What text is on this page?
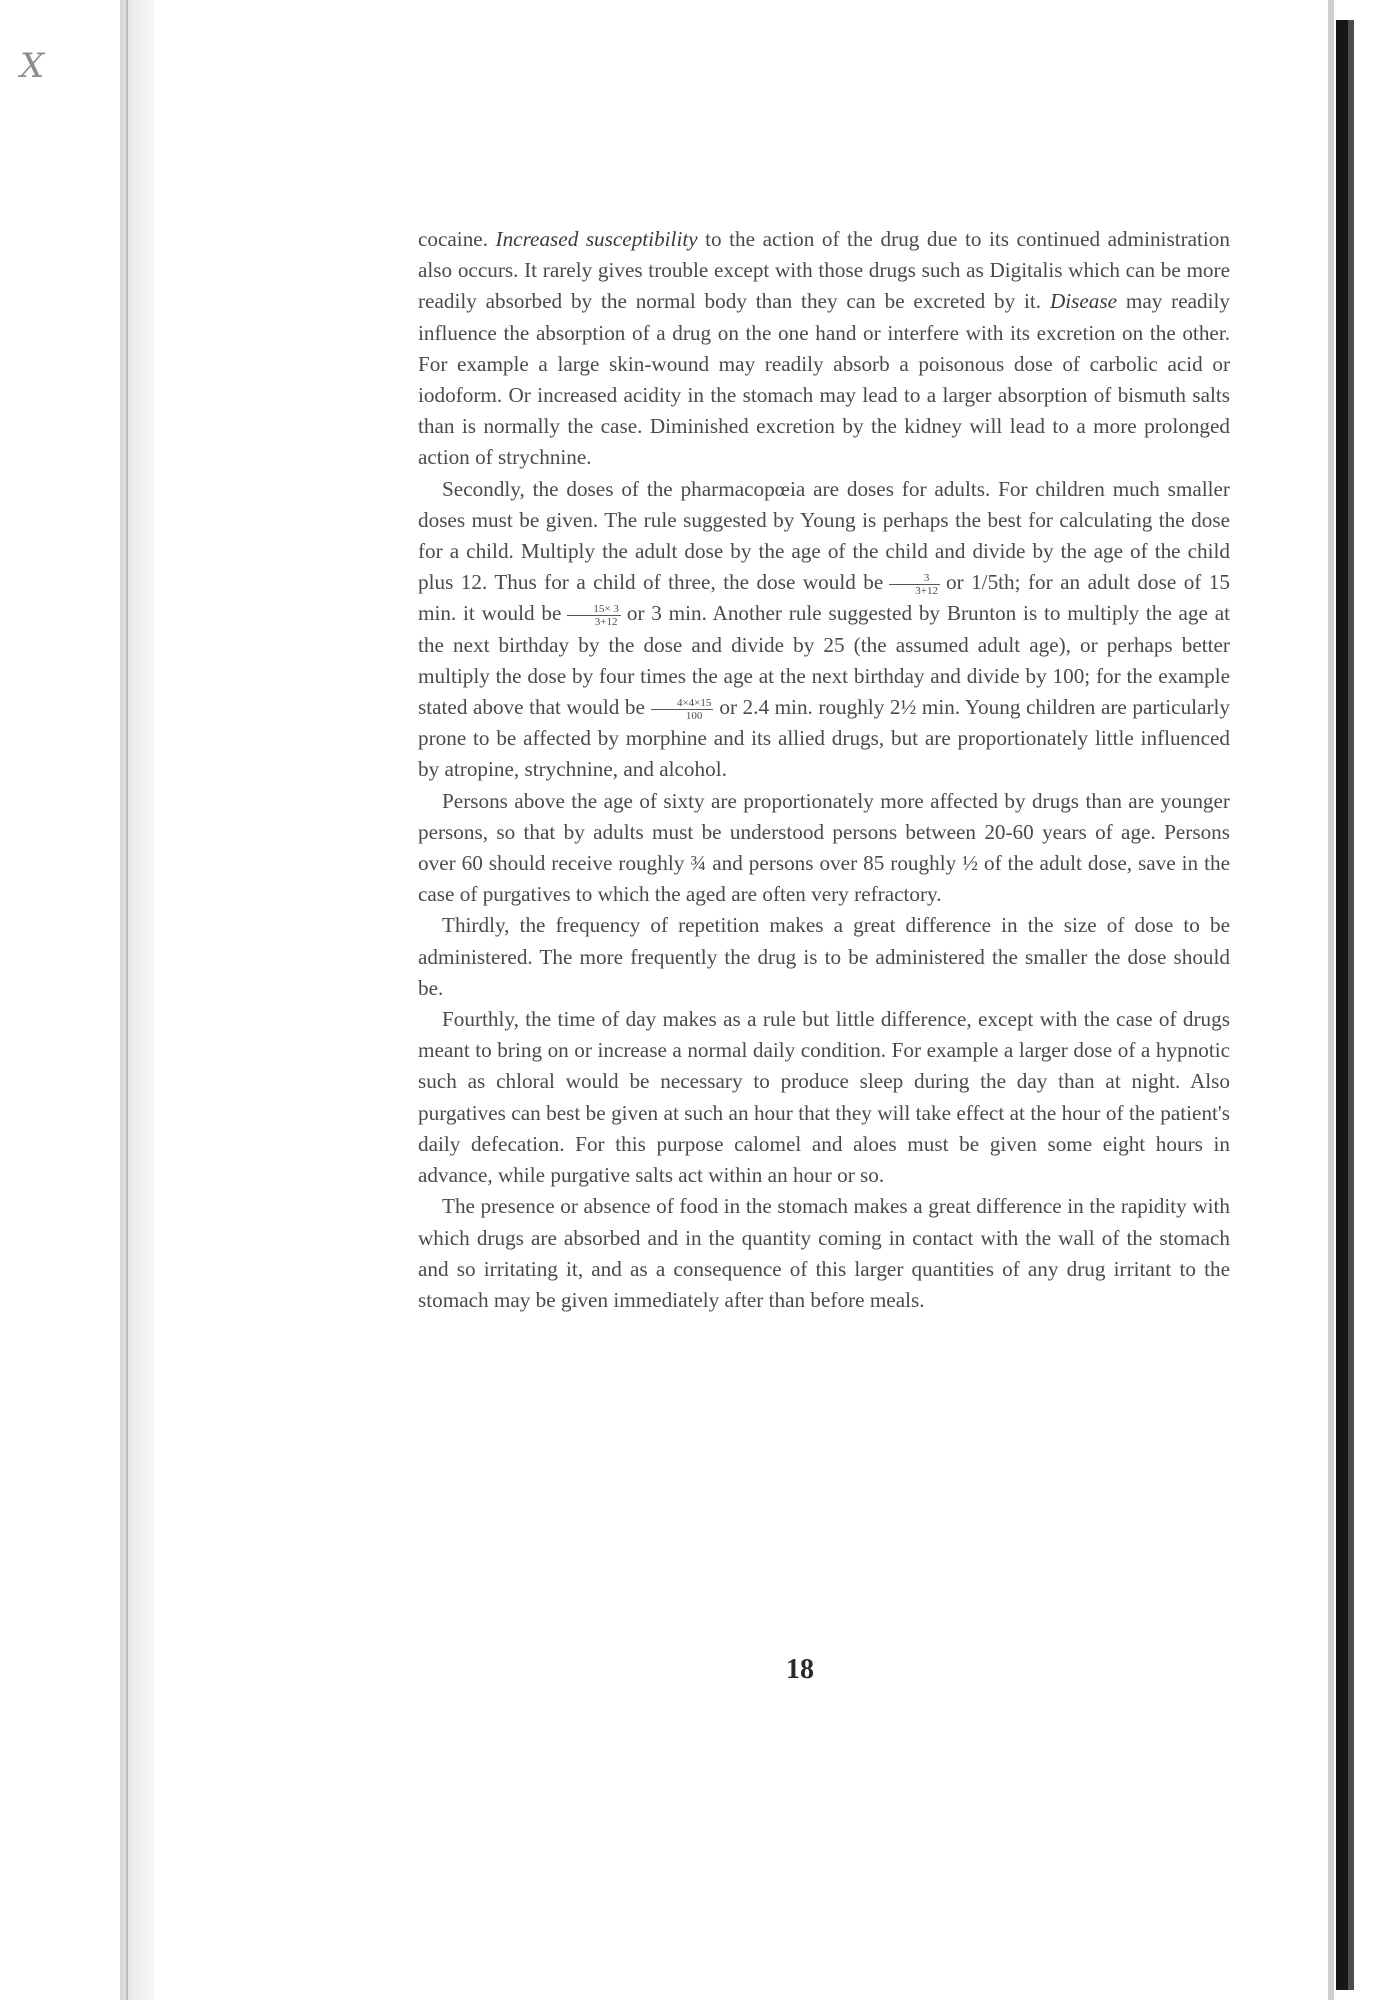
X

cocaine. Increased susceptibility to the action of the drug due to its continued administration also occurs. It rarely gives trouble except with those drugs such as Digitalis which can be more readily absorbed by the normal body than they can be excreted by it. Disease may readily influence the absorption of a drug on the one hand or interfere with its excretion on the other. For example a large skin-wound may readily absorb a poisonous dose of carbolic acid or iodoform. Or increased acidity in the stomach may lead to a larger absorption of bismuth salts than is normally the case. Diminished excretion by the kidney will lead to a more prolonged action of strychnine.

Secondly, the doses of the pharmacopœia are doses for adults. For children much smaller doses must be given. The rule suggested by Young is perhaps the best for calculating the dose for a child. Multiply the adult dose by the age of the child and divide by the age of the child plus 12. Thus for a child of three, the dose would be $\frac{3}{3+12}$ or 1/5th; for an adult dose of 15 min. it would be $\frac{15\times 3}{3+12}$ or 3 min. Another rule suggested by Brunton is to multiply the age at the next birthday by the dose and divide by 25 (the assumed adult age), or perhaps better multiply the dose by four times the age at the next birthday and divide by 100; for the example stated above that would be $\frac{4\times 4\times 15}{100}$ or 2.4 min. roughly 2½ min. Young children are particularly prone to be affected by morphine and its allied drugs, but are proportionately little influenced by atropine, strychnine, and alcohol.

Persons above the age of sixty are proportionately more affected by drugs than are younger persons, so that by adults must be understood persons between 20-60 years of age. Persons over 60 should receive roughly ¾ and persons over 85 roughly ½ of the adult dose, save in the case of purgatives to which the aged are often very refractory.

Thirdly, the frequency of repetition makes a great difference in the size of dose to be administered. The more frequently the drug is to be administered the smaller the dose should be.

Fourthly, the time of day makes as a rule but little difference, except with the case of drugs meant to bring on or increase a normal daily condition. For example a larger dose of a hypnotic such as chloral would be necessary to produce sleep during the day than at night. Also purgatives can best be given at such an hour that they will take effect at the hour of the patient's daily defecation. For this purpose calomel and aloes must be given some eight hours in advance, while purgative salts act within an hour or so.

The presence or absence of food in the stomach makes a great difference in the rapidity with which drugs are absorbed and in the quantity coming in contact with the wall of the stomach and so irritating it, and as a consequence of this larger quantities of any drug irritant to the stomach may be given immediately after than before meals.

18
